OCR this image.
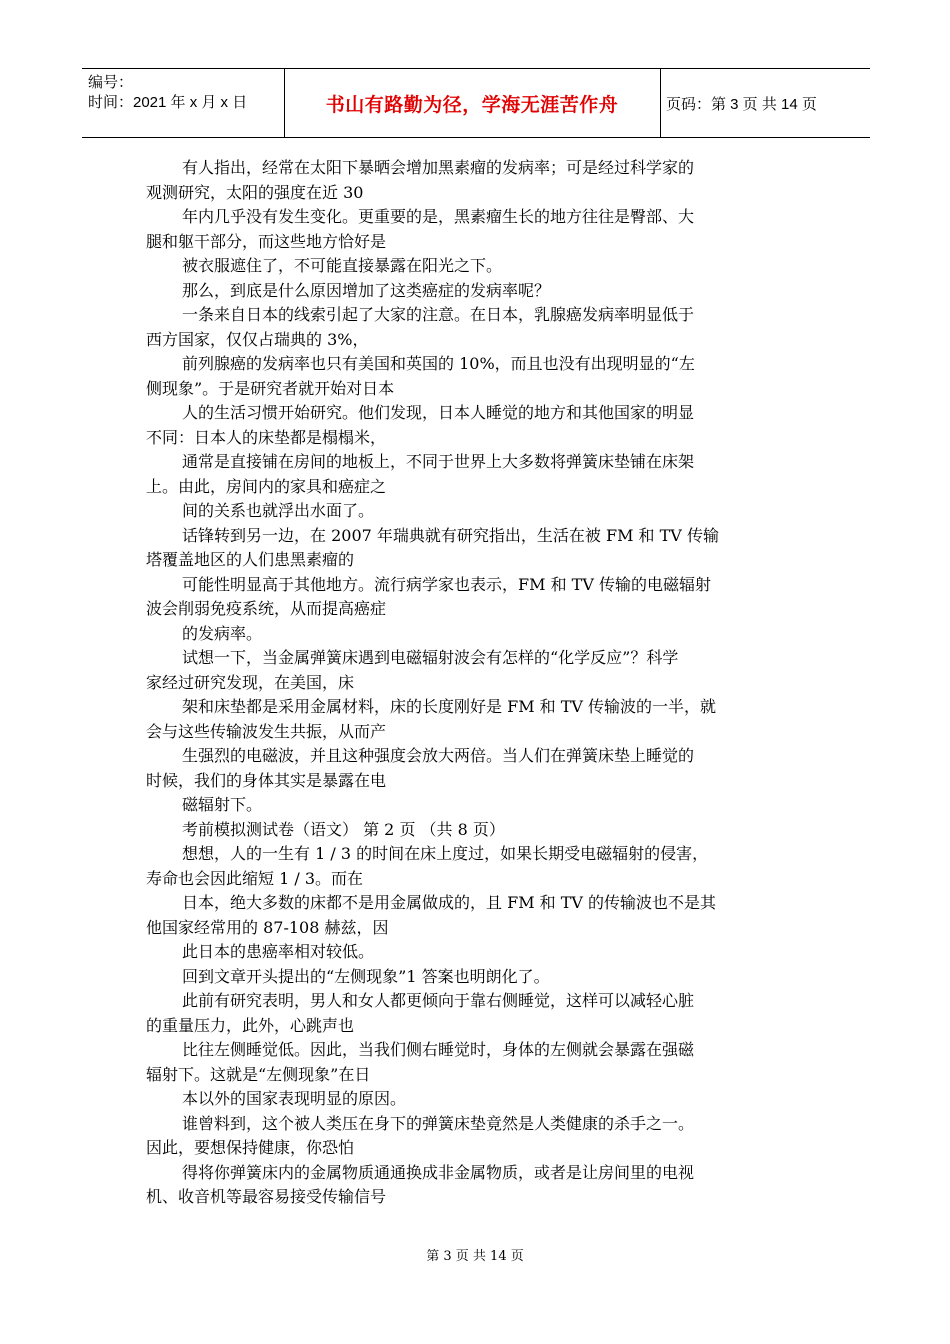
编号：
时间：2021 年 x 月 x 日	书山有路勤为径，学海无涯苦作舟	页码：第 3 页 共 14 页
有人指出，经常在太阳下暴晒会增加黑素瘤的发病率；可是经过科学家的
观测研究，太阳的强度在近 30
年内几乎没有发生变化。更重要的是，黑素瘤生长的地方往往是臀部、大
腿和躯干部分，而这些地方恰好是
被衣服遮住了，不可能直接暴露在阳光之下。
那么，到底是什么原因增加了这类癌症的发病率呢？
一条来自日本的线索引起了大家的注意。在日本，乳腺癌发病率明显低于
西方国家，仅仅占瑞典的 3%，
前列腺癌的发病率也只有美国和英国的 10%，而且也没有出现明显的“左
侧现象”。于是研究者就开始对日本
人的生活习惯开始研究。他们发现，日本人睡觉的地方和其他国家的明显
不同：日本人的床垫都是榻榻米，
通常是直接铺在房间的地板上，不同于世界上大多数将弹簧床垫铺在床架
上。由此，房间内的家具和癌症之
间的关系也就浮出水面了。
话锋转到另一边，在 2007 年瑞典就有研究指出，生活在被 FM 和 TV 传输
塔覆盖地区的人们患黑素瘤的
可能性明显高于其他地方。流行病学家也表示，FM 和 TV 传输的电磁辐射
波会削弱免疫系统，从而提高癌症
的发病率。
试想一下，当金属弹簧床遇到电磁辐射波会有怎样的“化学反应”？科学
家经过研究发现，在美国，床
架和床垫都是采用金属材料，床的长度刚好是 FM 和 TV 传输波的一半，就
会与这些传输波发生共振，从而产
生强烈的电磁波，并且这种强度会放大两倍。当人们在弹簧床垫上睡觉的
时候，我们的身体其实是暴露在电
磁辐射下。
考前模拟测试卷（语文） 第 2 页 （共 8 页）
想想，人的一生有 1 / 3 的时间在床上度过，如果长期受电磁辐射的侵害，
寿命也会因此缩短 1 / 3。而在
日本，绝大多数的床都不是用金属做成的，且 FM 和 TV 的传输波也不是其
他国家经常用的 87-108 赫兹，因
此日本的患癌率相对较低。
回到文章开头提出的“左侧现象”1 答案也明朗化了。
此前有研究表明，男人和女人都更倾向于靠右侧睡觉，这样可以减轻心脏
的重量压力，此外，心跳声也
比往左侧睡觉低。因此，当我们侧右睡觉时，身体的左侧就会暴露在强磁
辐射下。这就是“左侧现象”在日
本以外的国家表现明显的原因。
谁曾料到，这个被人类压在身下的弹簧床垫竟然是人类健康的杀手之一。
因此，要想保持健康，你恐怕
得将你弹簧床内的金属物质通通换成非金属物质，或者是让房间里的电视
机、收音机等最容易接受传输信号
第 3 页 共 14 页
